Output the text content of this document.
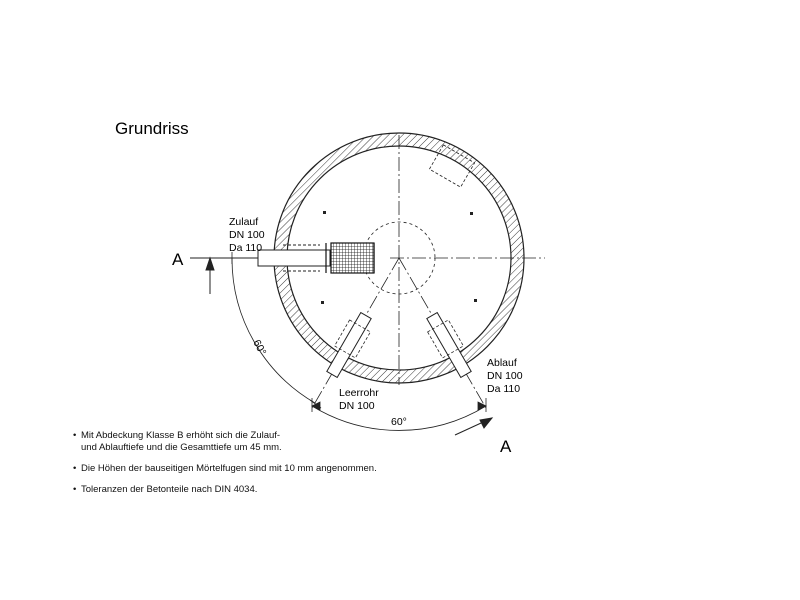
Grundriss
A
A
60°
60°
Zulauf
DN 100
Da 110
Ablauf
DN 100
Da 110
Leerrohr
DN 100
• Mit Abdeckung Klasse B erhöht sich die Zulauf-
und Ablauftiefe und die Gesamttiefe um 45 mm.
• Die Höhen der bauseitigen Mörtelfugen sind mit 10 mm angenommen.
• Toleranzen der Betonteile nach DIN 4034.
